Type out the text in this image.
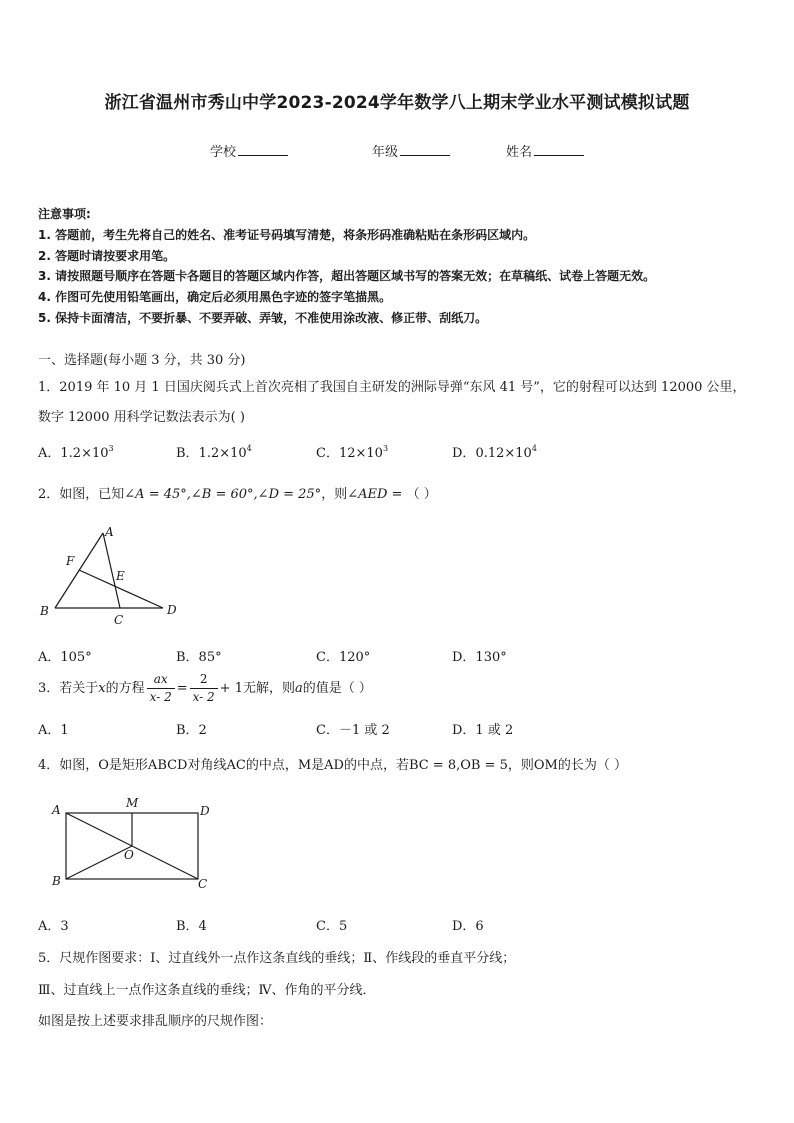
浙江省温州市秀山中学2023-2024学年数学八上期末学业水平测试模拟试题
学校	年级	姓名
注意事项:
1. 答题前，考生先将自己的姓名、准考证号码填写清楚，将条形码准确粘贴在条形码区域内。
2. 答题时请按要求用笔。
3. 请按照题号顺序在答题卡各题目的答题区域内作答，超出答题区域书写的答案无效；在草稿纸、试卷上答题无效。
4. 作图可先使用铅笔画出，确定后必须用黑色字迹的签字笔描黑。
5. 保持卡面清洁，不要折暴、不要弄破、弄皱，不准使用涂改液、修正带、刮纸刀。
一、选择题(每小题 3 分，共 30 分)
1．2019 年 10 月 1 日国庆阅兵式上首次亮相了我国自主研发的洲际导弹“东风 41 号”，它的射程可以达到 12000 公里，
数字 12000 用科学记数法表示为( )
A．$1.2\times 10^3$	B．$1.2\times 10^4$	C．$12\times 10^3$	D．$0.12\times 10^4$
2．如图，已知∠A = 45°,∠B = 60°,∠D = 25°，则∠AED = （ ）
A
F
E
B
C
D
A．105°	B．85°	C．120°	D．130°
3．若关于x的方程 $\frac{ax}{x- 2} = \frac{2}{x- 2} + 1$无解，则a的值是（ ）
A．1	B．2	C．－1 或 2	D．1 或 2
4．如图，O是矩形ABCD对角线AC的中点，M是AD的中点，若BC = 8,OB = 5，则OM的长为（ ）
A	M
D
O
B	C
A．3	B．4	C．5	D．6
5．尺规作图要求：Ⅰ、过直线外一点作这条直线的垂线；Ⅱ、作线段的垂直平分线；
Ⅲ、过直线上一点作这条直线的垂线；Ⅳ、作角的平分线．
如图是按上述要求排乱顺序的尺规作图：
